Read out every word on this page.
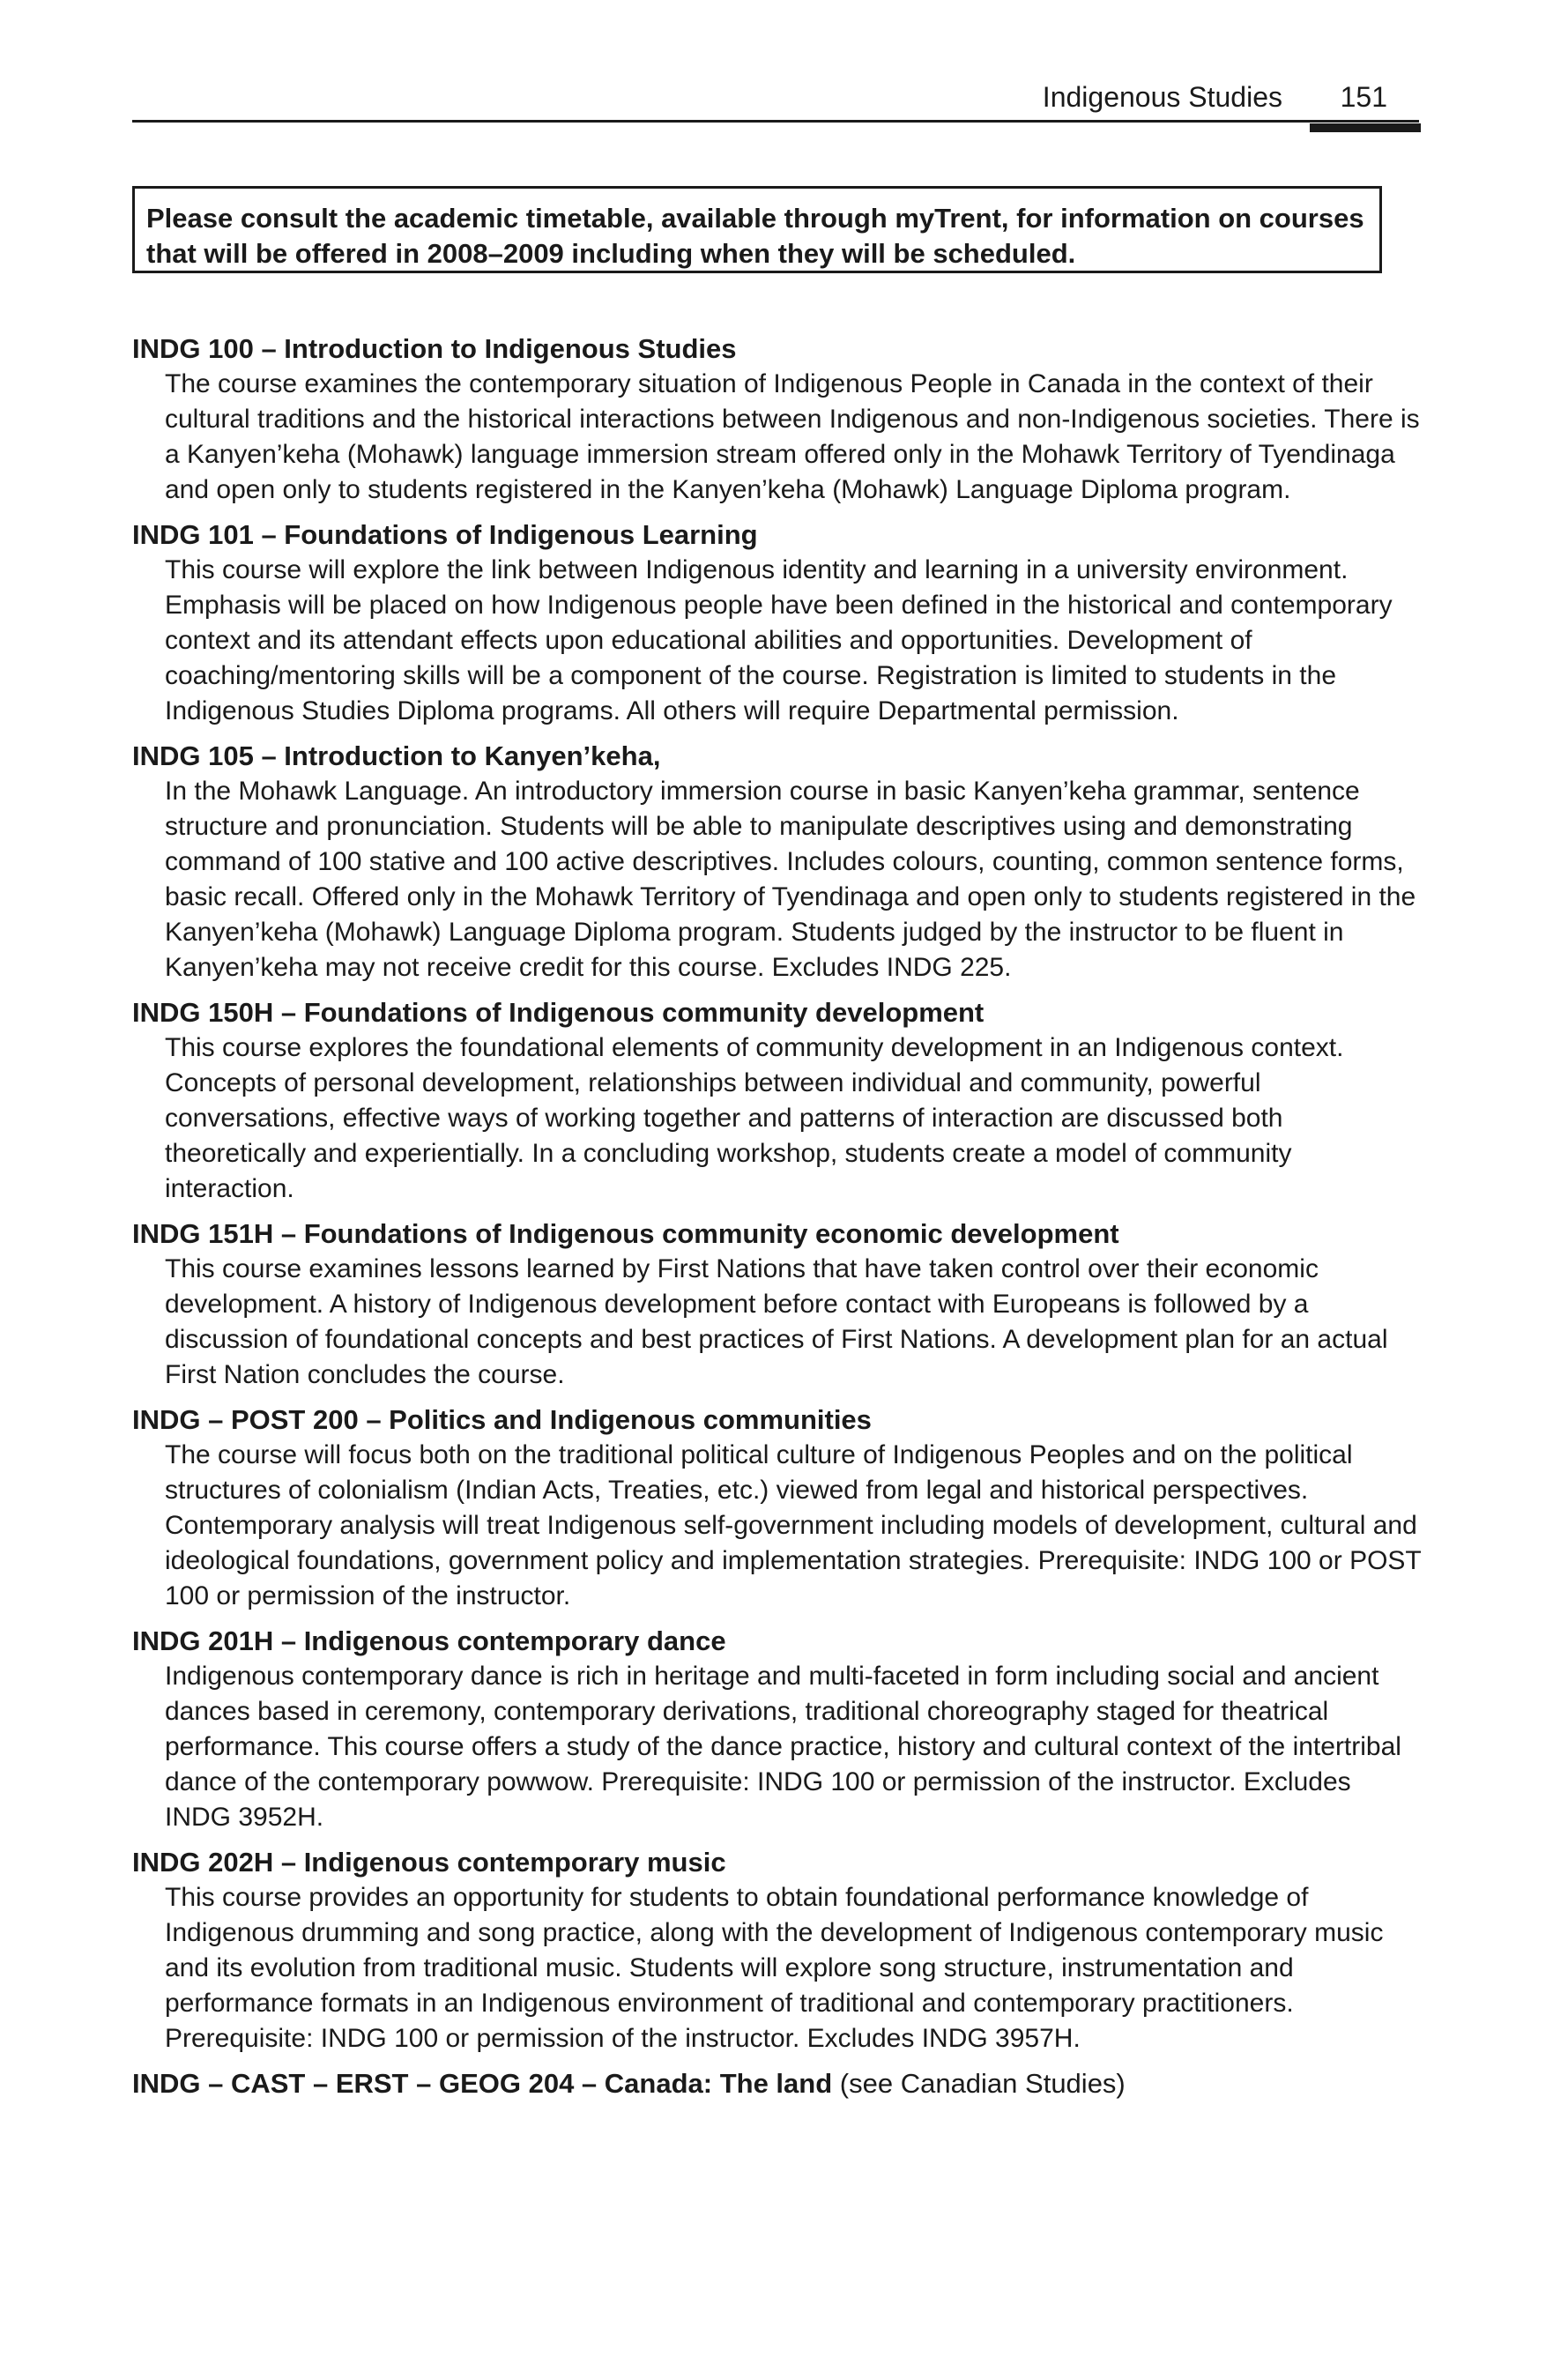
Indigenous Studies 151
Please consult the academic timetable, available through myTrent, for information on courses that will be offered in 2008–2009 including when they will be scheduled.
INDG 100 – Introduction to Indigenous Studies
The course examines the contemporary situation of Indigenous People in Canada in the context of their cultural traditions and the historical interactions between Indigenous and non-Indigenous societies. There is a Kanyen’keha (Mohawk) language immersion stream offered only in the Mohawk Territory of Tyendinaga and open only to students registered in the Kanyen’keha (Mohawk) Language Diploma program.
INDG 101 – Foundations of Indigenous Learning
This course will explore the link between Indigenous identity and learning in a university environment. Emphasis will be placed on how Indigenous people have been defined in the historical and contemporary context and its attendant effects upon educational abilities and opportunities. Development of coaching/mentoring skills will be a component of the course. Registration is limited to students in the Indigenous Studies Diploma programs. All others will require Departmental permission.
INDG 105 – Introduction to Kanyen’keha,
In the Mohawk Language. An introductory immersion course in basic Kanyen’keha grammar, sentence structure and pronunciation. Students will be able to manipulate descriptives using and demonstrating command of 100 stative and 100 active descriptives. Includes colours, counting, common sentence forms, basic recall. Offered only in the Mohawk Territory of Tyendinaga and open only to students registered in the Kanyen’keha (Mohawk) Language Diploma program. Students judged by the instructor to be fluent in Kanyen’keha may not receive credit for this course. Excludes INDG 225.
INDG 150H – Foundations of Indigenous community development
This course explores the foundational elements of community development in an Indigenous context. Concepts of personal development, relationships between individual and community, powerful conversations, effective ways of working together and patterns of interaction are discussed both theoretically and experientially. In a concluding workshop, students create a model of community interaction.
INDG 151H – Foundations of Indigenous community economic development
This course examines lessons learned by First Nations that have taken control over their economic development. A history of Indigenous development before contact with Europeans is followed by a discussion of foundational concepts and best practices of First Nations. A development plan for an actual First Nation concludes the course.
INDG – POST 200 – Politics and Indigenous communities
The course will focus both on the traditional political culture of Indigenous Peoples and on the political structures of colonialism (Indian Acts, Treaties, etc.) viewed from legal and historical perspectives. Contemporary analysis will treat Indigenous self-government including models of development, cultural and ideological foundations, government policy and implementation strategies. Prerequisite: INDG 100 or POST 100 or permission of the instructor.
INDG 201H – Indigenous contemporary dance
Indigenous contemporary dance is rich in heritage and multi-faceted in form including social and ancient dances based in ceremony, contemporary derivations, traditional choreography staged for theatrical performance. This course offers a study of the dance practice, history and cultural context of the intertribal dance of the contemporary powwow. Prerequisite: INDG 100 or permission of the instructor. Excludes INDG 3952H.
INDG 202H – Indigenous contemporary music
This course provides an opportunity for students to obtain foundational performance knowledge of Indigenous drumming and song practice, along with the development of Indigenous contemporary music and its evolution from traditional music. Students will explore song structure, instrumentation and performance formats in an Indigenous environment of traditional and contemporary practitioners. Prerequisite: INDG 100 or permission of the instructor. Excludes INDG 3957H.
INDG – CAST – ERST – GEOG 204 – Canada: The land (see Canadian Studies)
